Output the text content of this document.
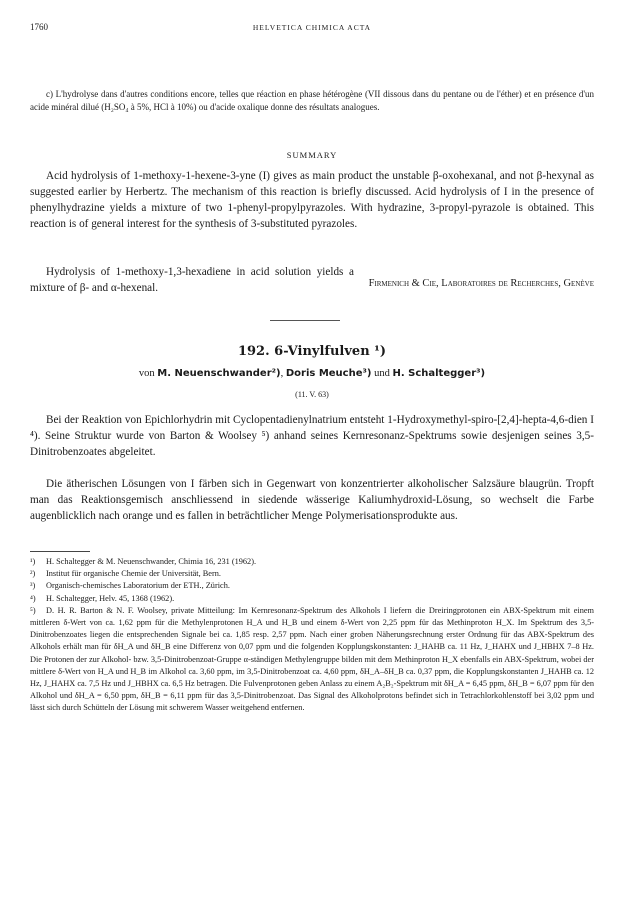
1760	HELVETICA CHIMICA ACTA
c) L'hydrolyse dans d'autres conditions encore, telles que réaction en phase hétérogène (VII dissous dans du pentane ou de l'éther) et en présence d'un acide minéral dilué (H₂SO₄ à 5%, HCl à 10%) ou d'acide oxalique donne des résultats analogues.
SUMMARY
Acid hydrolysis of 1-methoxy-1-hexene-3-yne (I) gives as main product the unstable β-oxohexanal, and not β-hexynal as suggested earlier by Herbertz. The mechanism of this reaction is briefly discussed. Acid hydrolysis of I in the presence of phenylhydrazine yields a mixture of two 1-phenyl-propylpyrazoles. With hydrazine, 3-propyl-pyrazole is obtained. This reaction is of general interest for the synthesis of 3-substituted pyrazoles.
Hydrolysis of 1-methoxy-1,3-hexadiene in acid solution yields a mixture of β- and α-hexenal.	Firmenich & Cie, Laboratoires de Recherches, Genève
192. 6-Vinylfulven ¹)
von M. Neuenschwander²), Doris Meuche³) und H. Schaltegger³)
(11. V. 63)
Bei der Reaktion von Epichlorhydrin mit Cyclopentadienylnatrium entsteht 1-Hydroxymethyl-spiro-[2,4]-hepta-4,6-dien I ⁴). Seine Struktur wurde von Barton & Woolsey ⁵) anhand seines Kernresonanz-Spektrums sowie desjenigen seines 3,5-Dinitrobenzoates abgeleitet.
Die ätherischen Lösungen von I färben sich in Gegenwart von konzentrierter alkoholischer Salzsäure blaugrün. Tropft man das Reaktionsgemisch anschliessend in siedende wässerige Kaliumhydroxid-Lösung, so wechselt die Farbe augenblicklich nach orange und es fallen in beträchtlicher Menge Polymerisationsprodukte aus.
¹) H. Schaltegger & M. Neuenschwander, Chimia 16, 231 (1962).
²) Institut für organische Chemie der Universität, Bern.
³) Organisch-chemisches Laboratorium der ETH., Zürich.
⁴) H. Schaltegger, Helv. 45, 1368 (1962).
⁵) D. H. R. Barton & N. F. Woolsey, private Mitteilung: Im Kernresonanz-Spektrum des Alkohols I liefern die Dreiringprotonen ein ABX-Spektrum mit einem mittleren δ-Wert von ca. 1,62 ppm für die Methylenprotonen H_A und H_B und einem δ-Wert von 2,25 ppm für das Methinproton H_X. Im Spektrum des 3,5-Dinitrobenzoates liegen die entsprechenden Signale bei ca. 1,85 resp. 2,57 ppm. Nach einer groben Näherungsrechnung erster Ordnung für das ABX-Spektrum des Alkohols erhält man für δH_A und δH_B eine Differenz von 0,07 ppm und die folgenden Kopplungskonstanten: J_HAHB ca. 11 Hz, J_HAHX und J_HBHX 7–8 Hz. Die Protonen der zur Alkohol- bzw. 3,5-Dinitrobenzoat-Gruppe α-ständigen Methylengruppe bilden mit dem Methinproton H_X ebenfalls ein ABX-Spektrum, wobei der mittlere δ-Wert von H_A und H_B im Alkohol ca. 3,60 ppm, im 3,5-Dinitrobenzoat ca. 4,60 ppm, δH_A–δH_B ca. 0,37 ppm, die Kopplungskonstanten J_HAHB ca. 12 Hz, J_HAHX ca. 7,5 Hz und J_HBHX ca. 6,5 Hz betragen. Die Fulvenprotonen geben Anlass zu einem A₂B₂-Spektrum mit δH_A = 6,45 ppm, δH_B = 6,07 ppm für den Alkohol und δH_A = 6,50 ppm, δH_B = 6,11 ppm für das 3,5-Dinitrobenzoat. Das Signal des Alkoholprotons befindet sich in Tetrachlorkohlenstoff bei 3,02 ppm und lässt sich durch Schütteln der Lösung mit schwerem Wasser weitgehend entfernen.
